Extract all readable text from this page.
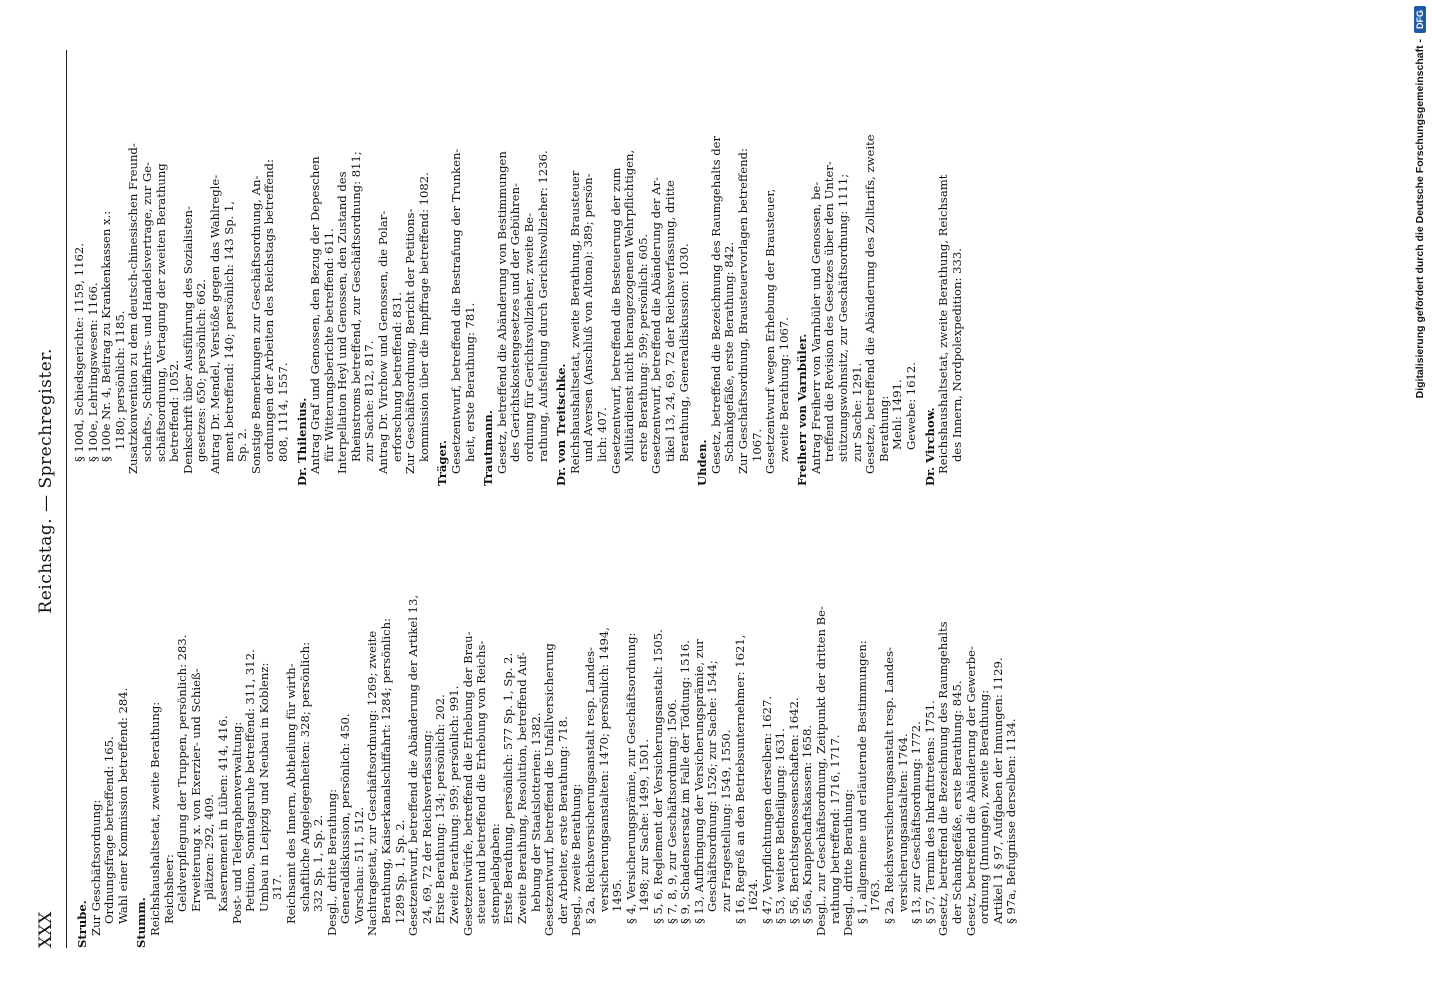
XXX
Reichstag. — Sprechregister.
Strube. Zur Geschäftsordnung: Ordnungsfrage betreffend: 165. Wahl einer Kommission betreffend: 284. Stumm. Reichshaushaltsetat, zweite Berathung: Reichsheer: Geldverpflegung der Truppen, persönlich: 283. Erweiterung x. von Exerzier- und Schieß- plätzen: 292, 409. Kasernement in Lüben: 414, 416. Post- und Telegraphenverwaltung: Petition, Sonntagsruhe betreffend: 311, 312. Umbau in Leipzig und Neubau in Koblenz: 317. Reichsamt des Innern, Abtheilung für wirth- schaftliche Angelegenheiten: 328; persönlich: 332 Sp. 1, Sp. 2. Desgl., dritte Berathung: Generaldiskussion, persönlich: 450. Vorschau: 511, 512. Nachtragsetat, zur Geschäftsordnung: 1269; zweite Berathung, Kaiserkanalschiffahrt: 1284; persönlich: 1289 Sp. 1, Sp. 2. Gesetzentwurf, betreffend die Abänderung der Artikel 13, 24, 69, 72 der Reichsverfassung: Erste Berathung: 134; persönlich: 202. Zweite Berathung: 959; persönlich: 991. Gesetzentwürfe, betreffend die Erhebung der Brau- steuer und betreffend die Erhebung von Reichs- stempelabgaben: Erste Berathung, persönlich: 577 Sp. 1, Sp. 2. Zweite Berathung, Resolution, betreffend Auf- hebung der Staatslotterien: 1382. Gesetzentwurf, betreffend die Unfallversicherung der Arbeiter, erste Berathung: 718. Desgl., zweite Berathung: § 2a, Reichsversicherungsanstalt resp. Landes- versicherungsanstalten: 1470; persönlich: 1494, 1495. § 4, Versicherungsprämie, zur Geschäftsordnung: 1498; zur Sache: 1499, 1501. § 5, 6, Reglement der Versicherungsanstalt: 1505. § 7, 8, 9, zur Geschäftsordnung: 1506. § 9, Schadensersatz im Falle der Tödtung: 1516. § 13, Aufbringung der Versicherungsprämie, zur Geschäftsordnung: 1526; zur Sache: 1544; zur Fragestellung: 1549, 1550. § 16, Regreß an den Betriebsunternehmer: 1621, 1624. § 47, Verpflichtungen derselben: 1627. § 53, weitere Betheiligung: 1631. § 56, Berichtsgenossenschaften: 1642. § 56a, Knappschaftskassen: 1658. Desgl., zur Geschäftsordnung, Zeitpunkt der dritten Be- rathung betreffend: 1716, 1717. Desgl., dritte Berathung: § 1, allgemeine und erläuternde Bestimmungen: 1763. § 2a, Reichsversicherungsanstalt resp. Landes- versicherungsanstalten: 1764. § 13, zur Geschäftsordnung: 1772. § 57, Termin des Inkrafttretens: 1751. Gesetz, betreffend die Bezeichnung des Raumgehalts der Schankgefäße, erste Berathung: 845. Gesetz, betreffend die Abänderung der Gewerbe- ordnung (Innungen), zweite Berathung: Artikel 1 § 97, Aufgaben der Innungen: 1129. § 97a, Befugnisse derselben: 1134.
§ 100d, Schiedsgerichte: 1159, 1162. § 100e, Lehrlingswesen: 1166. § 100e Nr. 4, Beitrag zu Krankenkassen x.: 1180; persönlich: 1185. Zusatzkonvention zu dem deutsch-chinesischen Freund- schafts-, Schiffahrts- und Handelsvertrage, zur Ge- schäftsordnung, Vertagung der zweiten Berathung betreffend: 1052. Denkschrift über Ausführung des Sozialisten- gesetzes: 650; persönlich: 662. Antrag Dr. Mendel, Verstöße gegen das Wahlregle- ment betreffend: 140; persönlich: 143 Sp. 1, Sp. 2. Sonstige Bemerkungen zur Geschäftsordnung, An- ordnungen der Arbeiten des Reichstags betreffend: 808, 1114, 1557. Dr. Thilenius. Antrag Graf und Genossen, den Bezug der Depeschen für Witterungsberichte betreffend: 611. Interpellation Heyl und Genossen, den Zustand des Rheinstroms betreffend, zur Geschäftsordnung: 811; zur Sache: 812, 817. Antrag Dr. Virchow und Genossen, die Polar- erforschung betreffend: 831. Zur Geschäftsordnung, Bericht der Petitions- kommission über die Impffrage betreffend: 1082.
Träger. Gesetzentwurf, betreffend die Bestrafung der Trunken- heit, erste Berathung: 781. Trautmann. Gesetz, betreffend die Abänderung von Bestimmungen des Gerichtskostengesetzes und der Gebühren- ordnung für Gerichtsvollzieher, zweite Be- rathung, Aufstellung durch Gerichtsvollzieher: 1236. Dr. von Treitschke. Reichshaushaltsetat, zweite Berathung, Brausteuer und Aversen (Anschluß von Altona): 389; persön- lich: 407. Gesetzentwurf, betreffend die Besteuerung der zum Militärdienst nicht herangezogenen Wehrpflichtigen, erste Berathung: 599; persönlich: 605. Gesetzentwurf, betreffend die Abänderung der Ar- tikel 13, 24, 69, 72 der Reichsverfassung, dritte Berathung, Generaldiskussion: 1030.
Uhden. Gesetz, betreffend die Bezeichnung des Raumgehalts der Schankgefäße, erste Berathung: 842. Zur Geschäftsordnung, Brausteuervorlagen betreffend: 1067. Gesetzentwurf wegen Erhebung der Brausteuer, zweite Berathung: 1067. Freiherr von Varnbüler. Antrag Freiherr von Varnbüler und Genossen, be- treffend die Revision des Gesetzes über den Unter- stützungswohnsitz, zur Geschäftsordnung: 1111; zur Sache: 1291. Gesetze, betreffend die Abänderung des Zolltarifs, zweite Berathung: Mehl: 1491. Gewebe: 1612. Dr. Virchow. Reichshaushaltsetat, zweite Berathung, Reichsamt des Innern, Nordpolexpedition: 333.	Digitalisierung gefördert durch die Deutsche Forschungsgemeinschaft -
DFG
